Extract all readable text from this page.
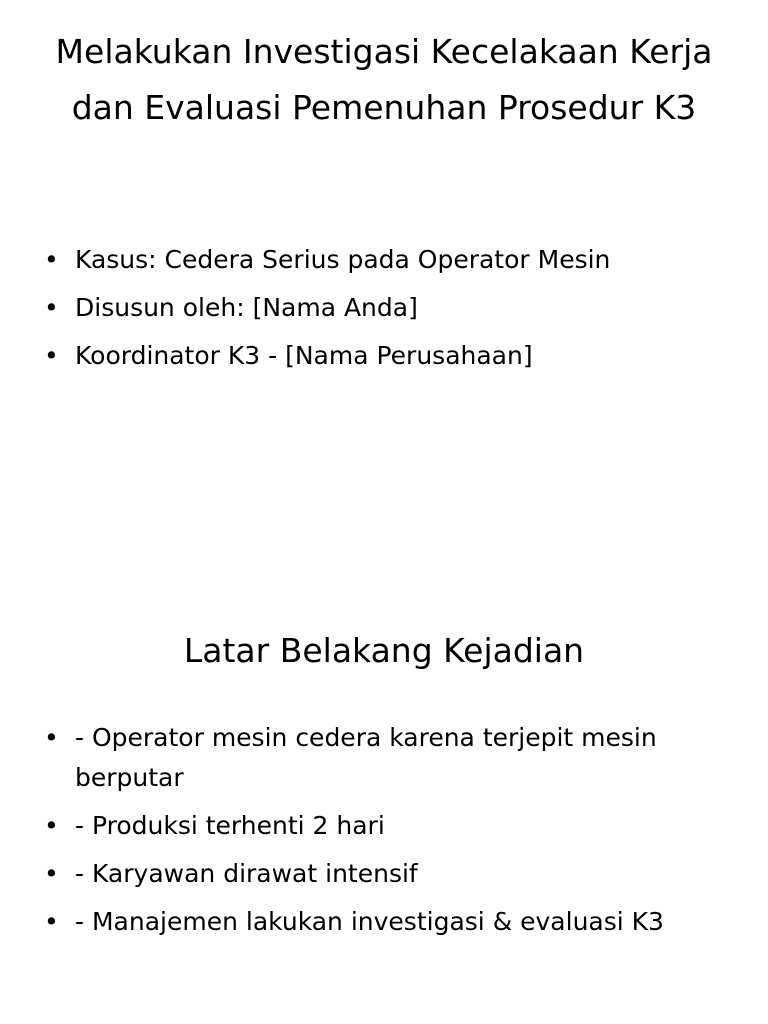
Melakukan Investigasi Kecelakaan Kerja dan Evaluasi Pemenuhan Prosedur K3
• Kasus: Cedera Serius pada Operator Mesin
• Disusun oleh: [Nama Anda]
• Koordinator K3 - [Nama Perusahaan]
Latar Belakang Kejadian
• - Operator mesin cedera karena terjepit mesin berputar
• - Produksi terhenti 2 hari
• - Karyawan dirawat intensif
• - Manajemen lakukan investigasi & evaluasi K3
